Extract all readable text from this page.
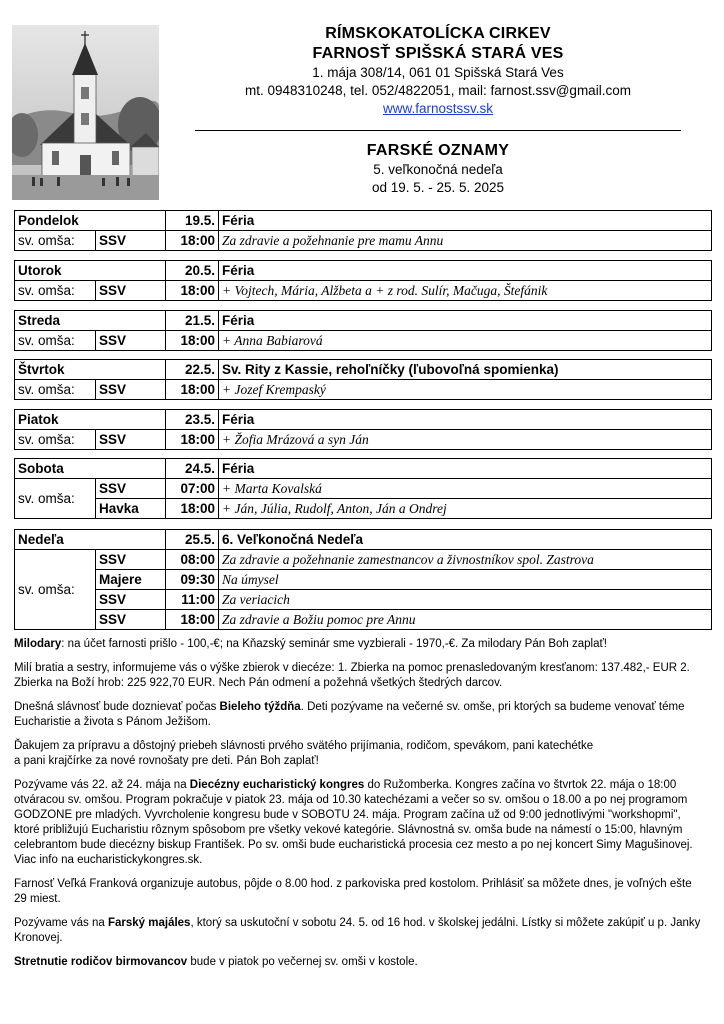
RÍMSKOKATOLÍCKA CIRKEV
FARNOSŤ SPIŠSKÁ STARÁ VES
1. mája 308/14, 061 01 Spišská Stará Ves
mt. 0948310248, tel. 052/4822051, mail: farnost.ssv@gmail.com
www.farnostssv.sk
FARSKÉ OZNAMY
5. veľkonočná nedeľa
od 19. 5. - 25. 5. 2025
Pondelok		19.5.	Féria
sv. omša:	SSV	18:00	Za zdravie a požehnanie pre mamu Annu
Utorok		20.5.	Féria
sv. omša:	SSV	18:00	+ Vojtech, Mária, Alžbeta a + z rod. Sulír, Mačuga, Štefánik
Streda		21.5.	Féria
sv. omša:	SSV	18:00	+ Anna Babiarová
Štvrtok		22.5.	Sv. Rity z Kassie, rehoľníčky (ľubovoľná spomienka)
sv. omša:	SSV	18:00	+ Jozef Krempaský
Piatok		23.5.	Féria
sv. omša:	SSV	18:00	+ Žofia Mrázová a syn Ján
Sobota		24.5.	Féria
sv. omša:	SSV	07:00	+ Marta Kovalská
	Havka	18:00	+ Ján, Júlia, Rudolf, Anton, Ján a Ondrej
Nedeľa		25.5.	6. Veľkonočná Nedeľa
sv. omša:	SSV	08:00	Za zdravie a požehnanie zamestnancov a živnostníkov spol. Zastrova
	Majere	09:30	Na úmysel
	SSV	11:00	Za veriacich
	SSV	18:00	Za zdravie a Božiu pomoc pre Annu

Milodary: na účet farnosti prišlo - 100,-€; na Kňazský seminár sme vyzbierali - 1970,-€. Za milodary Pán Boh zaplať!

Milí bratia a sestry, informujeme vás o výške zbierok v diecéze: 1. Zbierka na pomoc prenasledovaným kresťanom: 137.482,- EUR 2. Zbierka na Boží hrob: 225 922,70 EUR. Nech Pán odmení a požehná všetkých štedrých darcov.

Dnešná slávnosť bude doznievať počas Bieleho týždňa. Deti pozývame na večerné sv. omše, pri ktorých sa budeme venovať téme Eucharistie a života s Pánom Ježišom.

Ďakujem za prípravu a dôstojný priebeh slávnosti prvého svätého prijímania, rodičom, spevákom, pani katechétke
a pani krajčírke za nové rovnošaty pre deti. Pán Boh zaplať!

Pozývame vás 22. až 24. mája na Diecézny eucharistický kongres do Ružomberka. Kongres začína vo štvrtok 22. mája o 18:00 otváracou sv. omšou. Program pokračuje v piatok 23. mája od 10.30 katechézami a večer so sv. omšou o 18.00 a po nej programom GODZONE pre mladých. Vyvrcholenie kongresu bude v SOBOTU 24. mája. Program začína už od 9:00 jednotlivými "workshopmi", ktoré približujú Eucharistiu rôznym spôsobom pre všetky vekové kategórie. Slávnostná sv. omša bude na námestí o 15:00, hlavným celebrantom bude diecézny biskup František. Po sv. omši bude eucharistická procesia cez mesto a po nej koncert Simy Magušinovej. Viac info na eucharistickykongres.sk.

Farnosť Veľká Franková organizuje autobus, pôjde o 8.00 hod. z parkoviska pred kostolom. Prihlásiť sa môžete dnes, je voľných ešte 29 miest.

Pozývame vás na Farský majáles, ktorý sa uskutoční v sobotu 24. 5. od 16 hod. v školskej jedálni. Lístky si môžete zakúpiť u p. Janky Kronovej.

Stretnutie rodičov birmovancov bude v piatok po večernej sv. omši v kostole.
